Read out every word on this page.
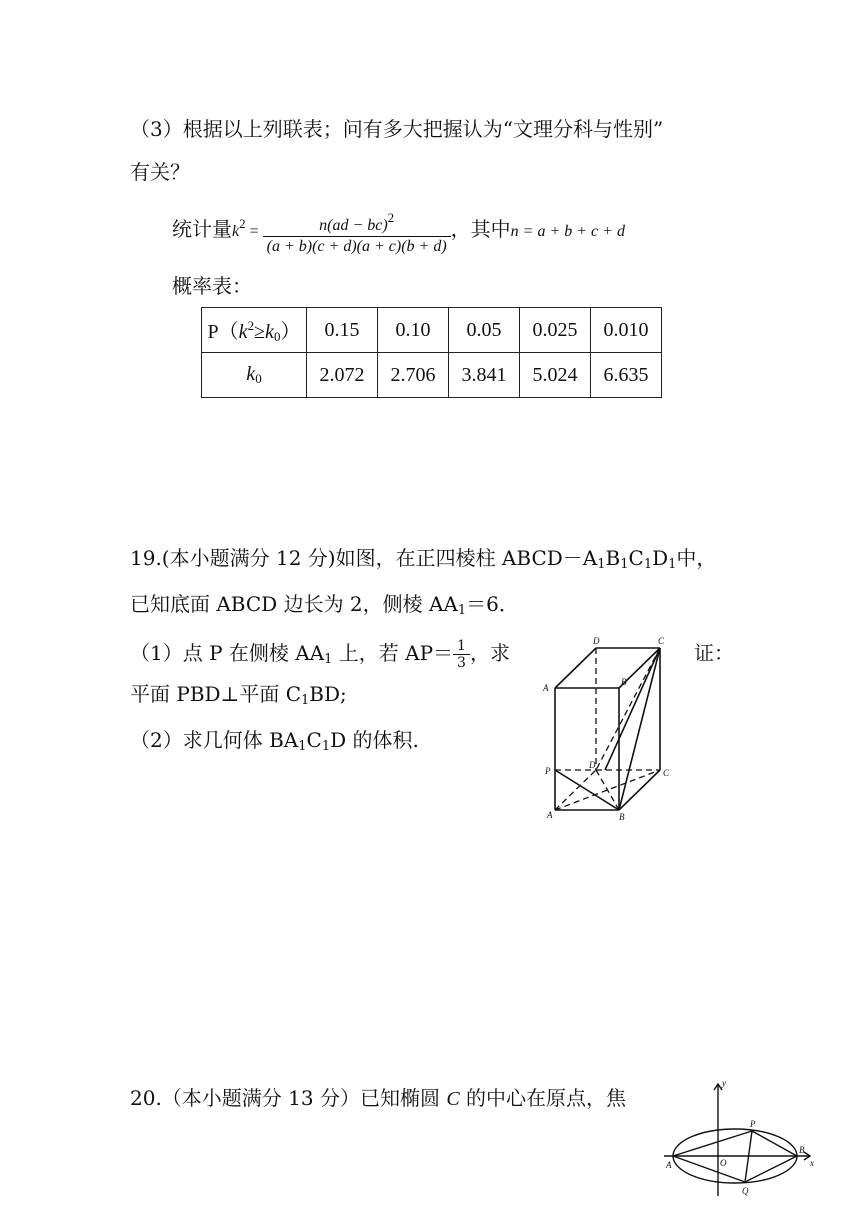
（3）根据以上列联表；问有多大把握认为“文理分科与性别”
有关？
统计量$k^2 = \frac{n(ad - bc)^2}{(a + b)(c + d)(a + c)(b + d)}$ ，其中n = a + b + c + d
概率表：
$P(k^2\ge k_0)$	0.15	0.10	0.05	0.025	0.010
$k_0$	2.072	2.706	3.841	5.024	6.635
19.(本小题满分 12 分)如图，在正四棱柱 $ABCD-A_1B_1C_1D_1$中，
已知底面 ABCD 边长为 2，侧棱 $AA_1=6$．
（1）点 P 在侧棱 $AA_1$ 上，若 $AP= \frac{1}{3}$ ，求	证：
平面 PBD⊥平面 $C_1BD$;
（2）求几何体 $BA_1C_1D$ 的体积.
D	C
A
B
P	C
A	B
D
20.（本小题满分 13 分）已知椭圆 C 的中心在原点，焦
y
x
P
O
A
B
Q
